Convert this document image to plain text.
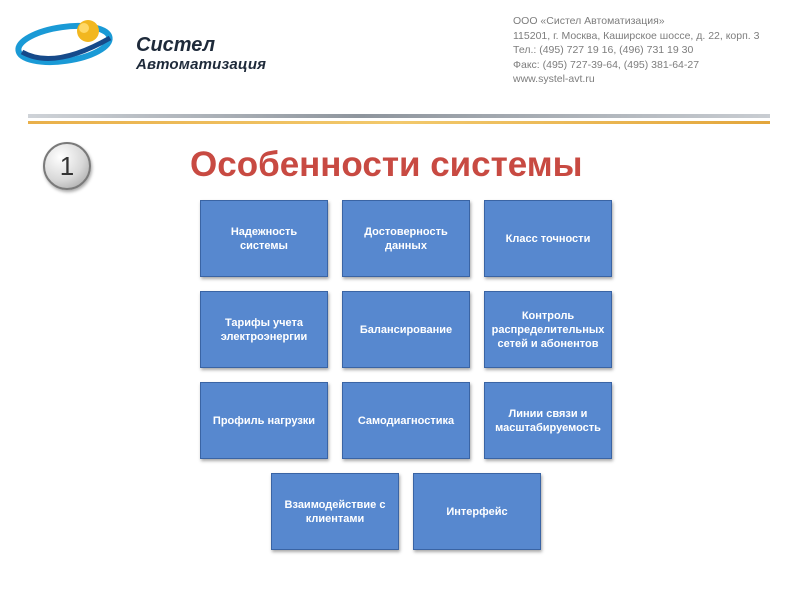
Систел
Автоматизация
ООО «Систел Автоматизация»
115201, г. Москва, Каширское шоссе, д. 22, корп. 3
Тел.: (495) 727 19 16, (496) 731 19 30
Факс: (495) 727-39-64, (495) 381-64-27
www.systel-avt.ru
1	Особенности системы
Надежность системы
Достоверность данных
Класс точности
Тарифы учета электроэнергии
Балансирование
Контроль распределительных сетей и абонентов
Профиль нагрузки	Самодиагностика
Линии связи и масштабируемость
Взаимодействие с клиентами
Интерфейс
